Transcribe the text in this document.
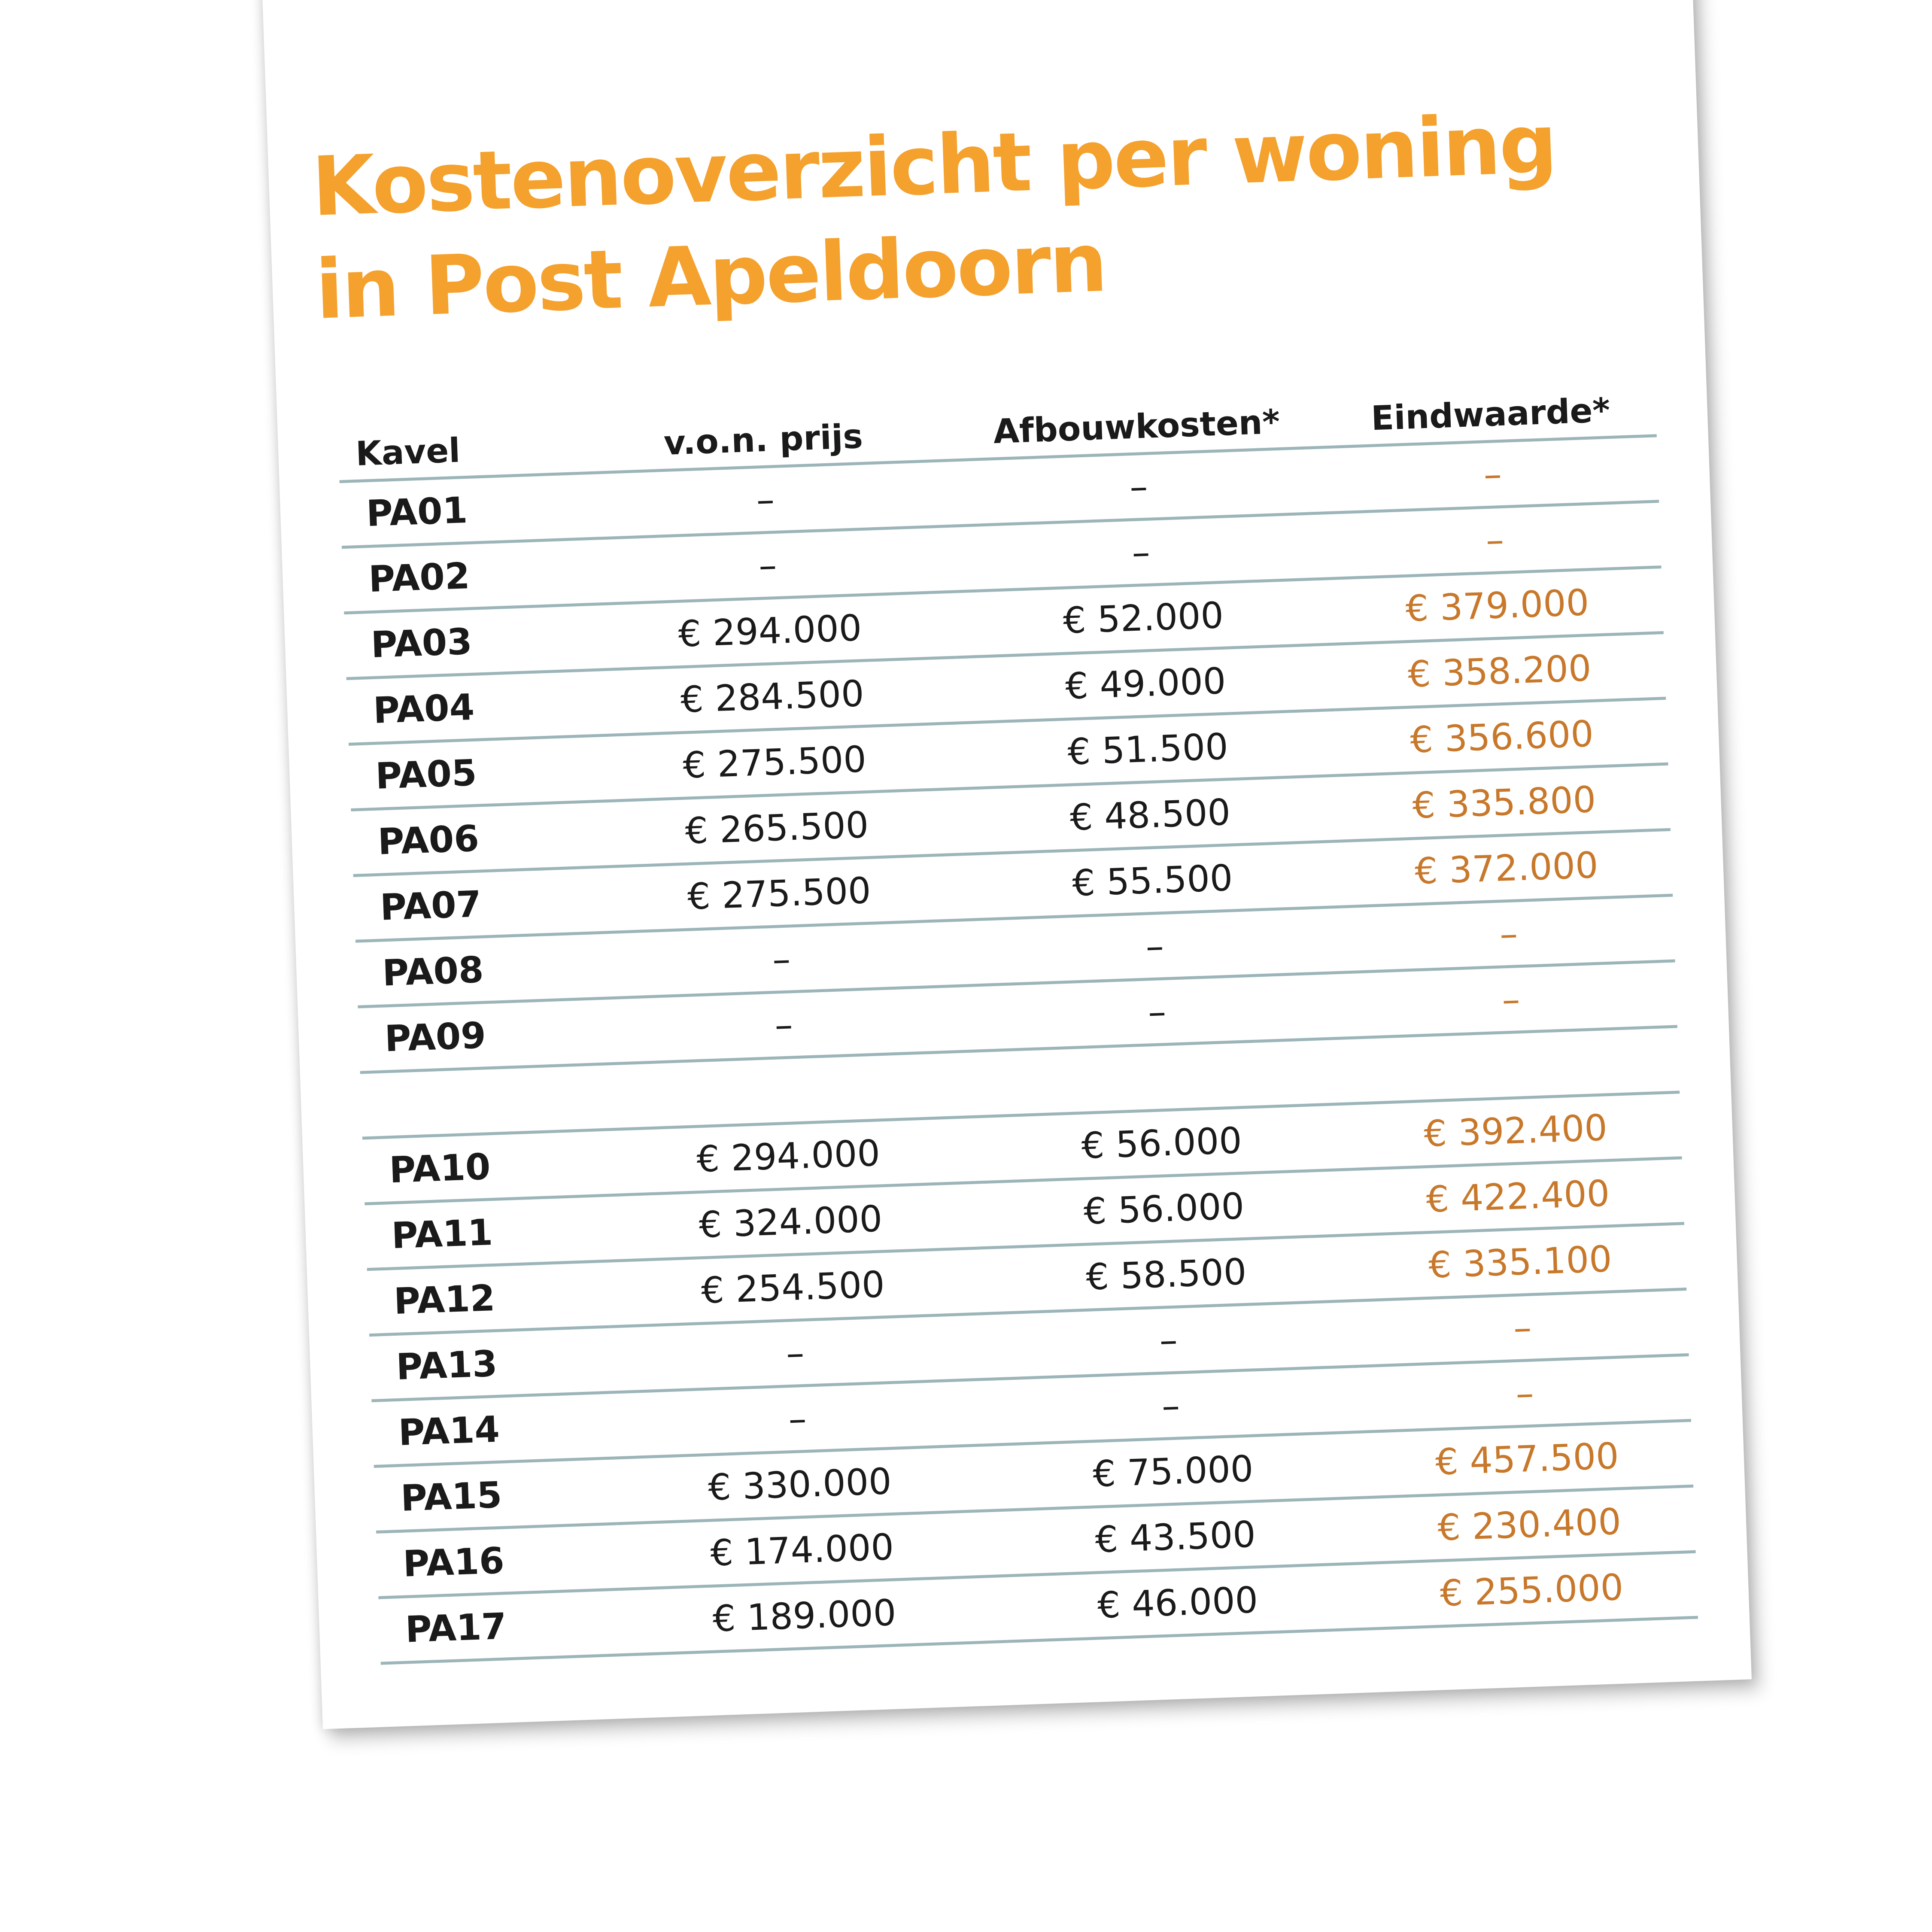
Kostenoverzicht per woning
in Post Apeldoorn
Kavel	v.o.n. prijs	Afbouwkosten*	Eindwaarde*
PA01	–	–	–
PA02	–	–	–
PA03	€ 294.000	€ 52.000	€ 379.000
PA04	€ 284.500	€ 49.000	€ 358.200
PA05	€ 275.500	€ 51.500	€ 356.600
PA06	€ 265.500	€ 48.500	€ 335.800
PA07	€ 275.500	€ 55.500	€ 372.000
PA08	–	–	–
PA09	–	–	–

PA10	€ 294.000	€ 56.000	€ 392.400
PA11	€ 324.000	€ 56.000	€ 422.400
PA12	€ 254.500	€ 58.500	€ 335.100
PA13	–	–	–
PA14	–	–	–
PA15	€ 330.000	€ 75.000	€ 457.500
PA16	€ 174.000	€ 43.500	€ 230.400
PA17	€ 189.000	€ 46.000	€ 255.000
